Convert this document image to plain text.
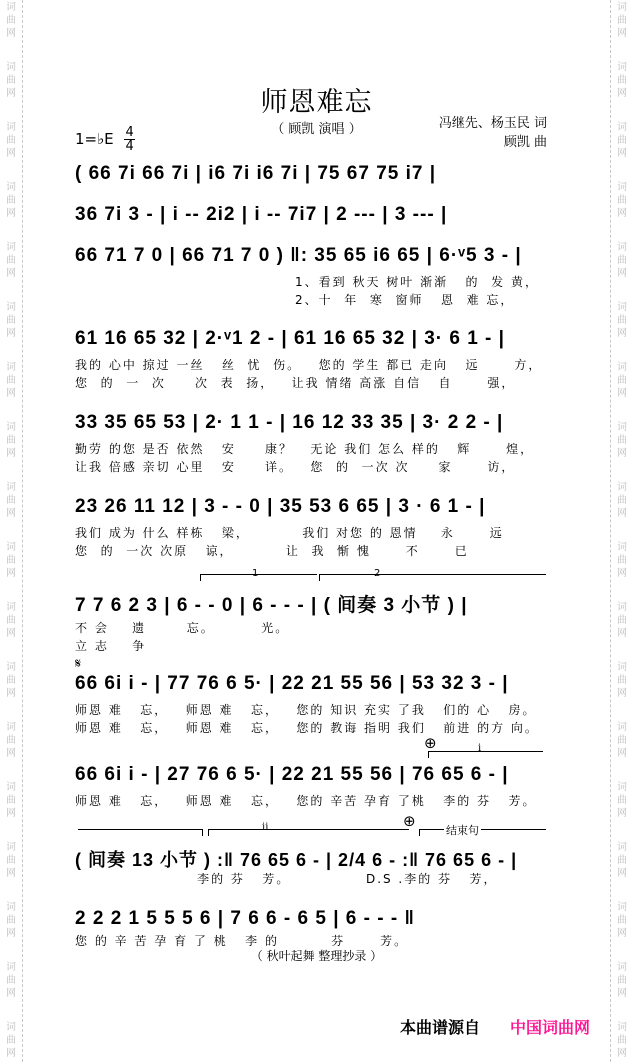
词
曲
网
词
曲
网
词
曲
网
词
曲
网
词
曲
网
词
曲
网
词
曲
网
词
曲
网
词
曲
网
词
曲
网
词
曲
网
词
曲
网
词
曲
网
词
曲
网
词
曲
网
词
曲
网
词
曲
网
词
曲
网
词
曲
网
词
曲
网
词
曲
网
词
曲
网
词
曲
网
词
曲
网
词
曲
网
词
曲
网
词
曲
网
词
曲
网
词
曲
网
词
曲
网
词
曲
网
词
曲
网
词
曲
网
词
曲
网
词
曲
网
词
曲
网
师恩难忘
（ 顾凯 演唱 ）
1=♭E $\frac{4}{4}$
冯继先、杨玉民 词
顾凯 曲
( 66 7i 66 7i | i6 7i i6 7i | 75 67 75 i7 |
36 7i 3 - | i -- 2i2 | i -- 7i7 | 2 --- | 3 --- |
66 71 7 0 | 66 71 7 0 ) ‖: 35 65 i6 65 | 6·ᵛ5 3 - |
1、看到 秋天 树叶 渐渐   的  发 黄，
2、十  年  寒  窗师   恩  难 忘，
61 16 65 32 | 2·ᵛ1 2 - | 61 16 65 32 | 3· 6 1 - |
我的 心中 掠过 一丝   丝  忧  伤。   您的 学生 都已 走向   远      方，
您  的  一  次     次  表  扬，   让我 情绪 高涨 自信   自      强，
33 35 65 53 | 2· 1 1 - | 16 12 33 35 | 3· 2 2 - |
勤劳 的您 是否 依然   安     康？   无论 我们 怎么 样的   辉      煌，
让我 倍感 亲切 心里   安     详。   您  的  一次 次     家      访，
23 26 11 12 | 3 - - 0 | 35 53 6 65 | 3 · 6 1 - |
我们 成为 什么 样栋   梁，         我们 对您 的 恩情    永      远
您  的  一次 次原   谅，         让  我  惭 愧      不      已
1	2
7 7 6 2 3 | 6 - - 0 | 6 - - - | ( 间奏 3 小节 ) |
不 会    遗       忘。        光。
立 志    争
𝄋
66 6i i - | 77 76 6 5· | 22 21 55 56 | 53 32 3 - |
师恩 难   忘，   师恩 难   忘，   您的 知识 充实 了我   们的 心   房。
师恩 难   忘，   师恩 难   忘，   您的 教诲 指明 我们   前进 的方 向。
⊕	i
66 6i i - | 27 76 6 5· | 22 21 55 56 | 76 65 6 - |
师恩 难   忘，   师恩 难   忘，   您的 辛苦 孕育 了桃   李的 芬   芳。
ii	⊕
结束句
( 间奏 13 小节 ) :‖ 76 65 6 - | 2/4 6 - :‖ 76 65 6 - |
李的 芬   芳。             D.S .李的 芬   芳，
2 2 2 1 5 5 5 6 | 7 6 6 - 6 5 | 6 - - - ‖
您 的 辛 苦 孕 育 了 桃   李 的         芬      芳。
（ 秋叶起舞 整理抄录 ）
本曲谱源自 中国词曲网
